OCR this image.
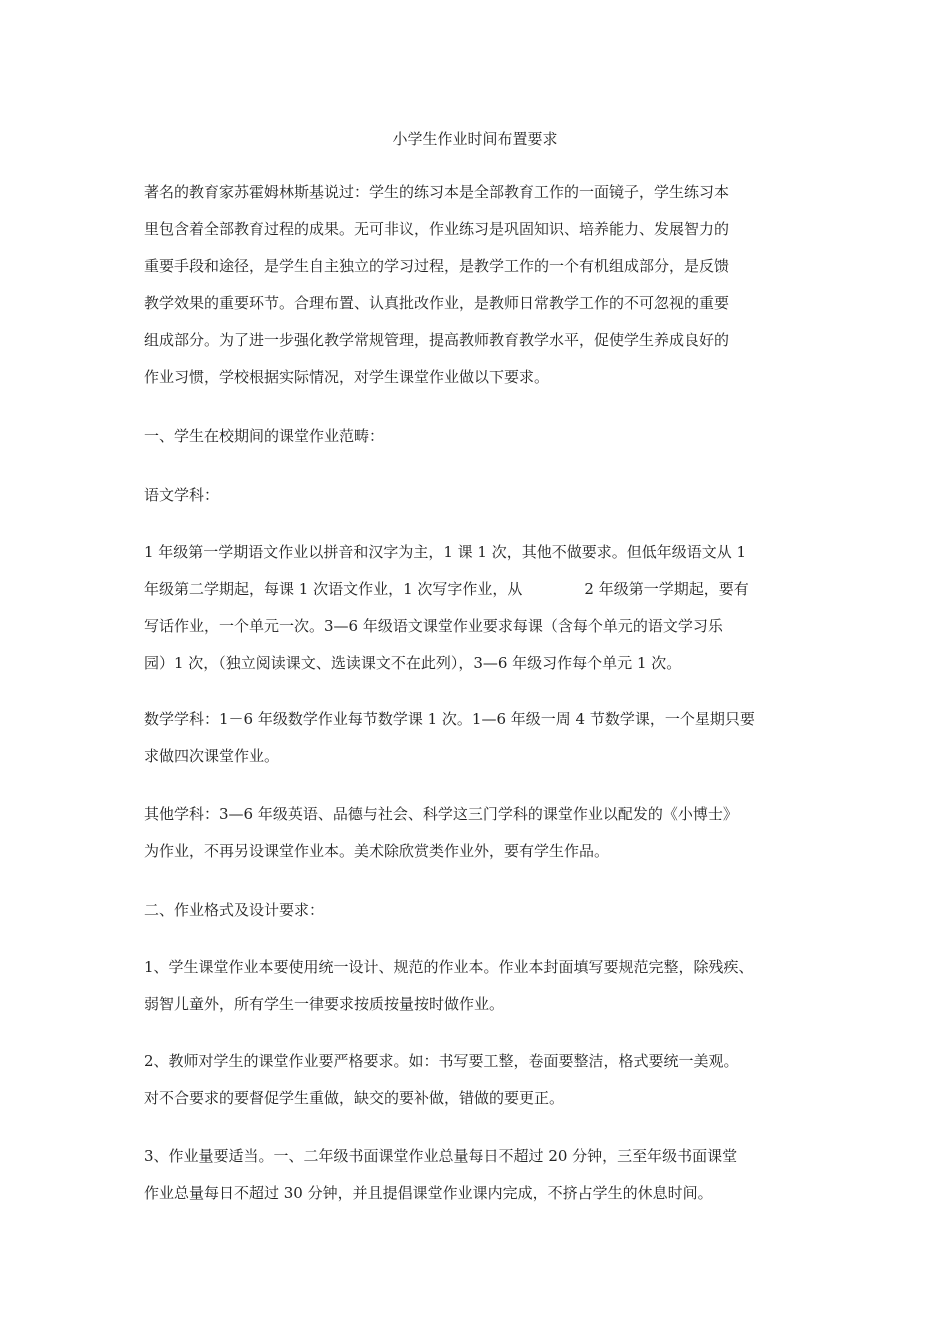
小学生作业时间布置要求
著名的教育家苏霍姆林斯基说过：学生的练习本是全部教育工作的一面镜子，学生练习本
里包含着全部教育过程的成果。无可非议，作业练习是巩固知识、培养能力、发展智力的
重要手段和途径，是学生自主独立的学习过程，是教学工作的一个有机组成部分，是反馈
教学效果的重要环节。合理布置、认真批改作业，是教师日常教学工作的不可忽视的重要
组成部分。为了进一步强化教学常规管理，提高教师教育教学水平，促使学生养成良好的
作业习惯，学校根据实际情况，对学生课堂作业做以下要求。
一、学生在校期间的课堂作业范畴：
语文学科：
1 年级第一学期语文作业以拼音和汉字为主，1 课 1 次，其他不做要求。但低年级语文从 1
年级第二学期起，每课 1 次语文作业，1 次写字作业，从             2 年级第一学期起，要有
写话作业，一个单元一次。3—6 年级语文课堂作业要求每课（含每个单元的语文学习乐
园）1 次，（独立阅读课文、选读课文不在此列），3—6 年级习作每个单元 1 次。
数学学科：1－6 年级数学作业每节数学课 1 次。1—6 年级一周 4 节数学课，一个星期只要
求做四次课堂作业。
其他学科：3—6 年级英语、品德与社会、科学这三门学科的课堂作业以配发的《小博士》
为作业，不再另设课堂作业本。美术除欣赏类作业外，要有学生作品。
二、作业格式及设计要求：
1、学生课堂作业本要使用统一设计、规范的作业本。作业本封面填写要规范完整，除残疾、
弱智儿童外，所有学生一律要求按质按量按时做作业。
2、教师对学生的课堂作业要严格要求。如：书写要工整，卷面要整洁，格式要统一美观。
对不合要求的要督促学生重做，缺交的要补做，错做的要更正。
3、作业量要适当。一、二年级书面课堂作业总量每日不超过 20 分钟，三至年级书面课堂
作业总量每日不超过 30 分钟，并且提倡课堂作业课内完成，不挤占学生的休息时间。
